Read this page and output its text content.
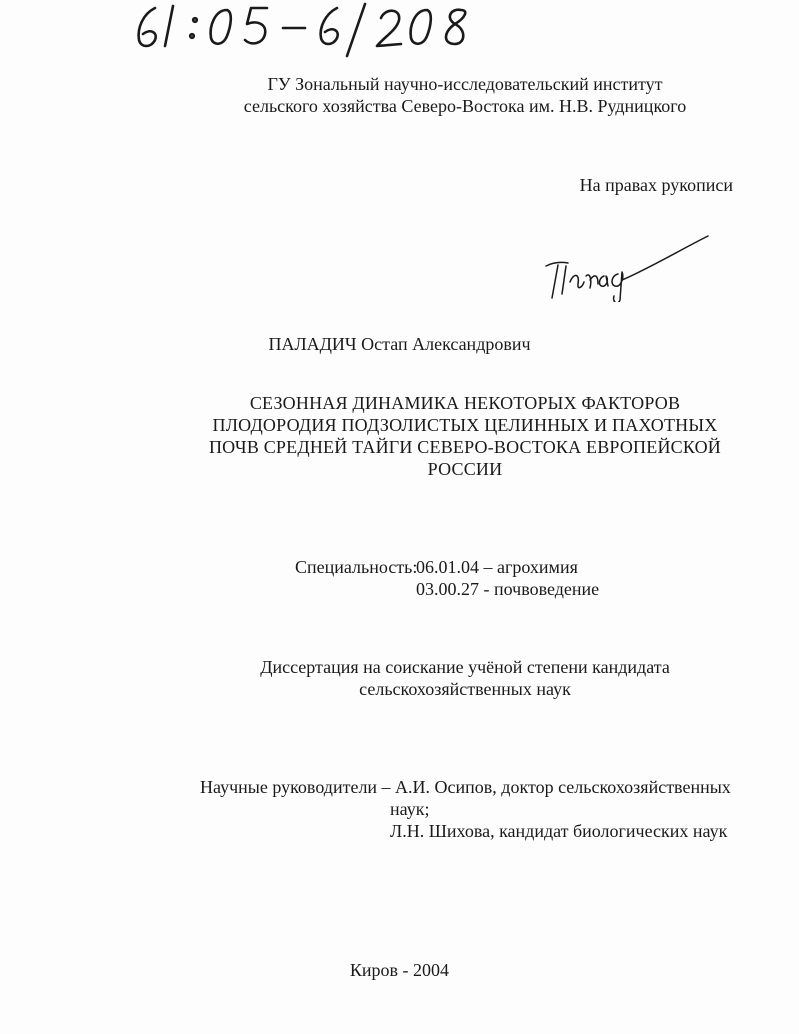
ГУ Зональный научно-исследовательский институт
сельского хозяйства Северо-Востока им. Н.В. Рудницкого
На правах рукописи
ПАЛАДИЧ Остап Александрович
СЕЗОННАЯ ДИНАМИКА НЕКОТОРЫХ ФАКТОРОВ
ПЛОДОРОДИЯ ПОДЗОЛИСТЫХ ЦЕЛИННЫХ И ПАХОТНЫХ
ПОЧВ СРЕДНЕЙ ТАЙГИ СЕВЕРО-ВОСТОКА ЕВРОПЕЙСКОЙ
РОССИИ
Специальность:
06.01.04 – агрохимия
03.00.27 - почвоведение
Диссертация на соискание учёной степени кандидата
сельскохозяйственных наук
Научные руководители – А.И. Осипов, доктор сельскохозяйственных
наук;
Л.Н. Шихова, кандидат биологических наук
Киров - 2004
